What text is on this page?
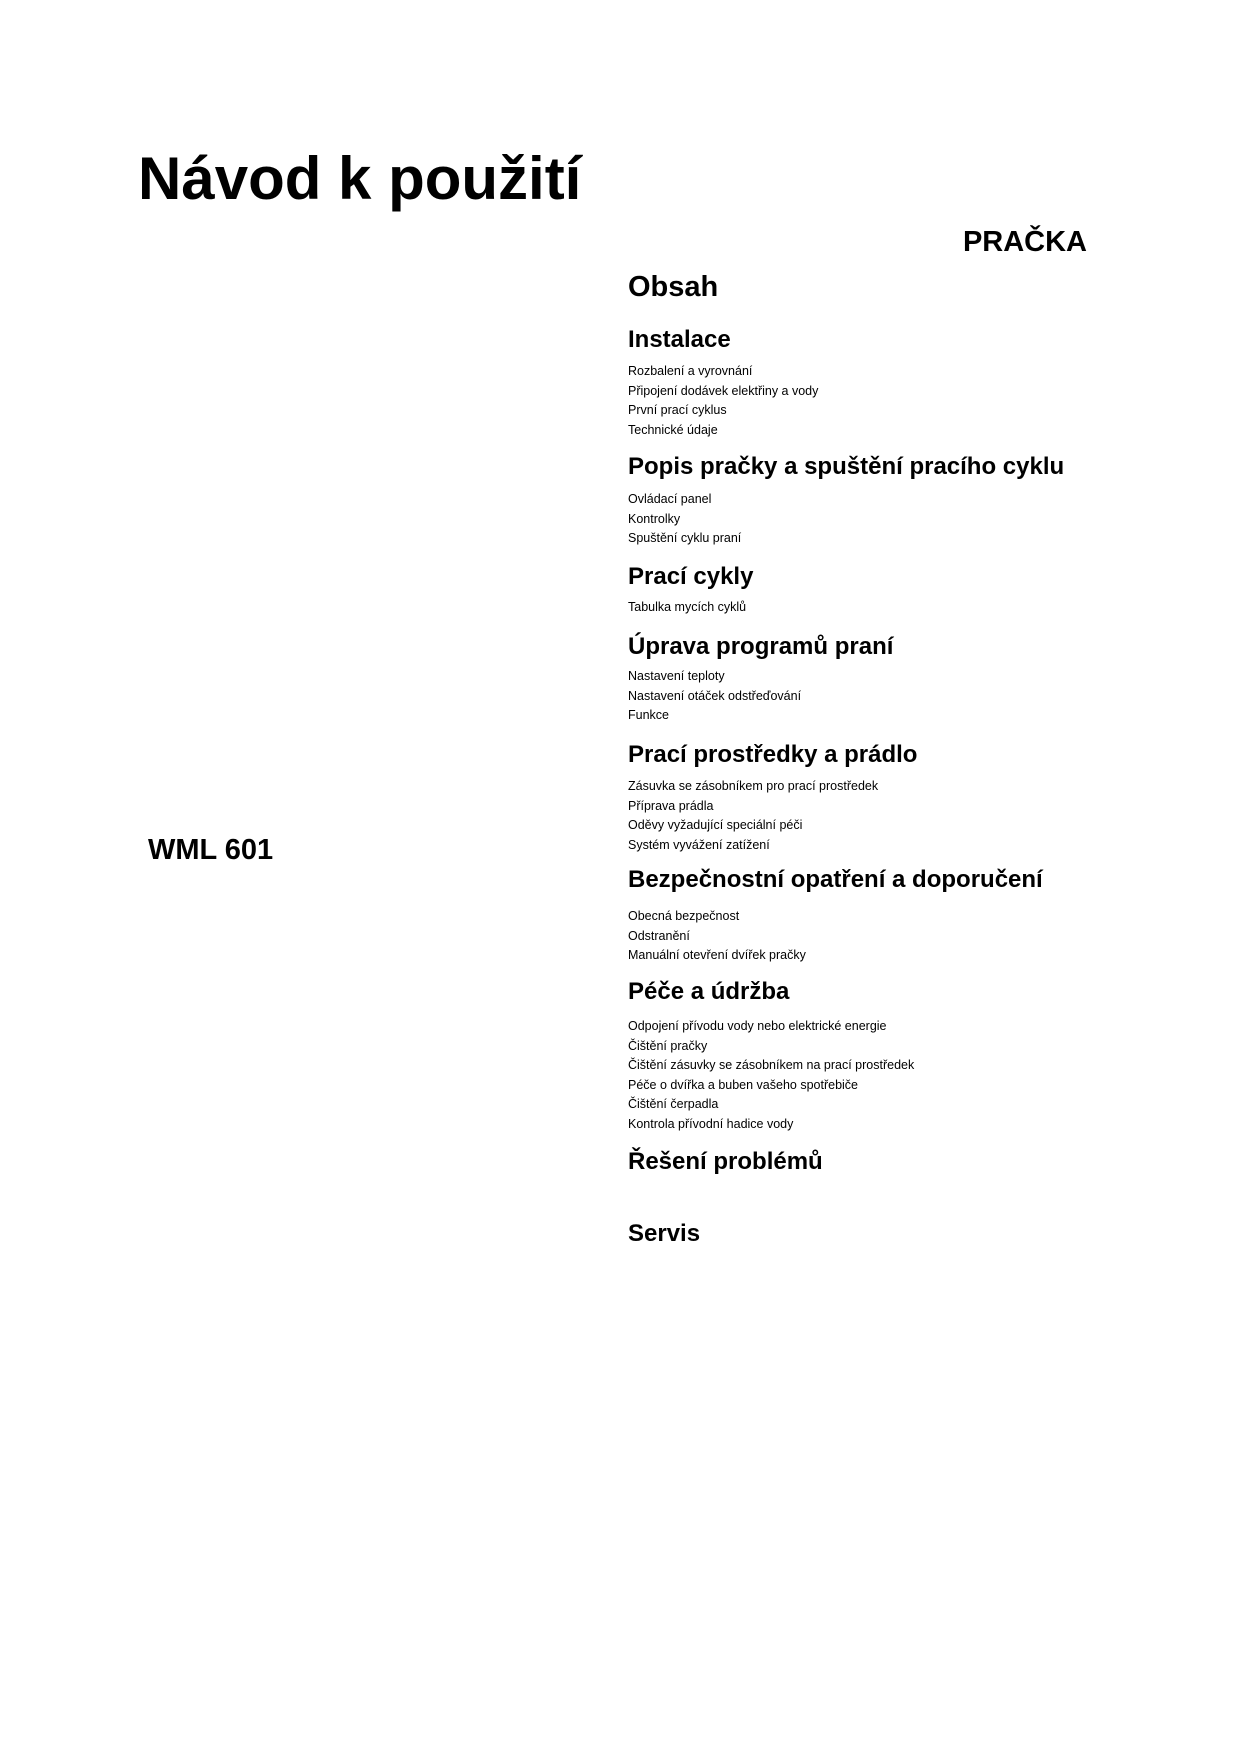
Návod k použití
PRAČKA
WML 601
Obsah
Instalace
Rozbalení a vyrovnání
Připojení dodávek elektřiny a vody
První prací cyklus
Technické údaje
Popis pračky a spuštění pracího cyklu
Ovládací panel
Kontrolky
Spuštění cyklu praní
Prací cykly
Tabulka mycích cyklů
Úprava programů praní
Nastavení teploty
Nastavení otáček odstřeďování
Funkce
Prací prostředky a prádlo
Zásuvka se zásobníkem pro prací prostředek
Příprava prádla
Oděvy vyžadující speciální péči
Systém vyvážení zatížení
Bezpečnostní opatření a doporučení
Obecná bezpečnost
Odstranění
Manuální otevření dvířek pračky
Péče a údržba
Odpojení přívodu vody nebo elektrické energie
Čištění pračky
Čištění zásuvky se zásobníkem na prací prostředek
Péče o dvířka a buben vašeho spotřebiče
Čištění čerpadla
Kontrola přívodní hadice vody
Řešení problémů
Servis
